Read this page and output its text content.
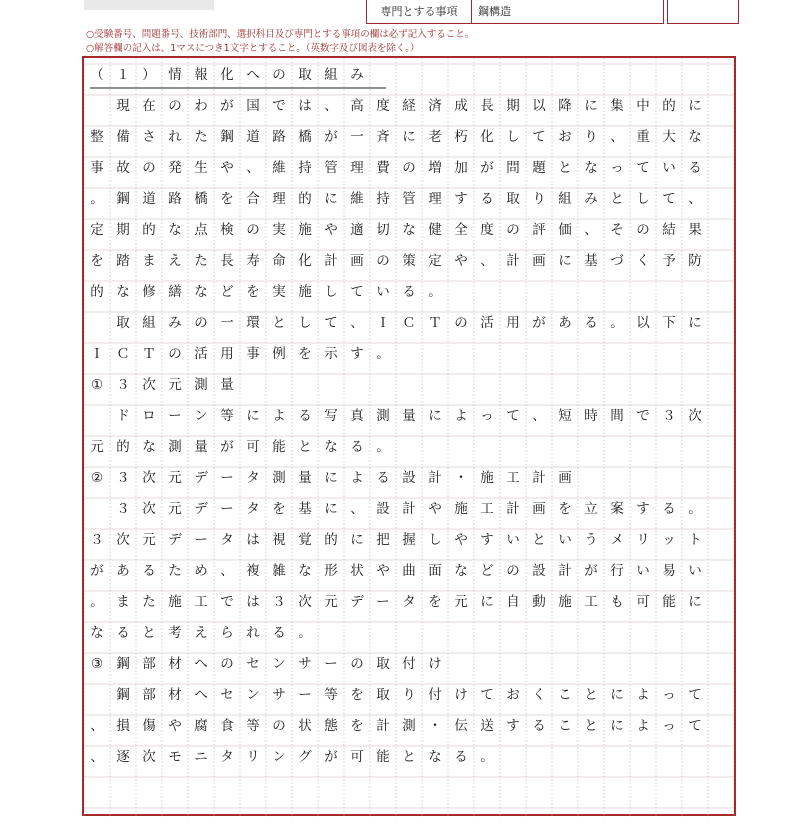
専門とする事項	鋼構造
○受験番号、問題番号、技術部門、選択科目及び専門とする事項の欄は必ず記入すること。
○解答欄の記入は、1マスにつき1文字とすること。（英数字及び図表を除く。）
（ １ ） 情 報 化 へ の 取 組 み

現 在 の わ が 国 で は 、 高 度 経 済 成 長 期 以 降 に 集 中 的 に
整 備 さ れ た 鋼 道 路 橋 が 一 斉 に 老 朽 化 し て お り 、 重 大 な
事 故 の 発 生 や 、 維 持 管 理 費 の 増 加 が 問 題 と な っ て い る
。 鋼 道 路 橋 を 合 理 的 に 維 持 管 理 す る 取 り 組 み と し て 、
定 期 的 な 点 検 の 実 施 や 適 切 な 健 全 度 の 評 価 、 そ の 結 果
を 踏 ま え た 長 寿 命 化 計 画 の 策 定 や 、 計 画 に 基 づ く 予 防
的 な 修 繕 な ど を 実 施 し て い る 。

取 組 み の 一 環 と し て 、 Ｉ Ｃ Ｔ の 活 用 が あ る 。 以 下 に
Ｉ Ｃ Ｔ の 活 用 事 例 を 示 す 。
① ３ 次 元 測 量

ド ロ ー ン 等 に よ る 写 真 測 量 に よ っ て 、 短 時 間 で ３ 次
元 的 な 測 量 が 可 能 と な る 。
② ３ 次 元 デ ー タ 測 量 に よ る 設 計 ・ 施 工 計 画

３ 次 元 デ ー タ を 基 に 、 設 計 や 施 工 計 画 を 立 案 す る 。
３ 次 元 デ ー タ は 視 覚 的 に 把 握 し や す い と い う メ リ ッ ト
が あ る た め 、 複 雑 な 形 状 や 曲 面 な ど の 設 計 が 行 い 易 い
。 ま た 施 工 で は ３ 次 元 デ ー タ を 元 に 自 動 施 工 も 可 能 に
な る と 考 え ら れ る 。
③ 鋼 部 材 へ の セ ン サ ー の 取 付 け

鋼 部 材 へ セ ン サ ー 等 を 取 り 付 け て お く こ と に よ っ て
、 損 傷 や 腐 食 等 の 状 態 を 計 測 ・ 伝 送 す る こ と に よ っ て
、 逐 次 モ ニ タ リ ン グ が 可 能 と な る 。
